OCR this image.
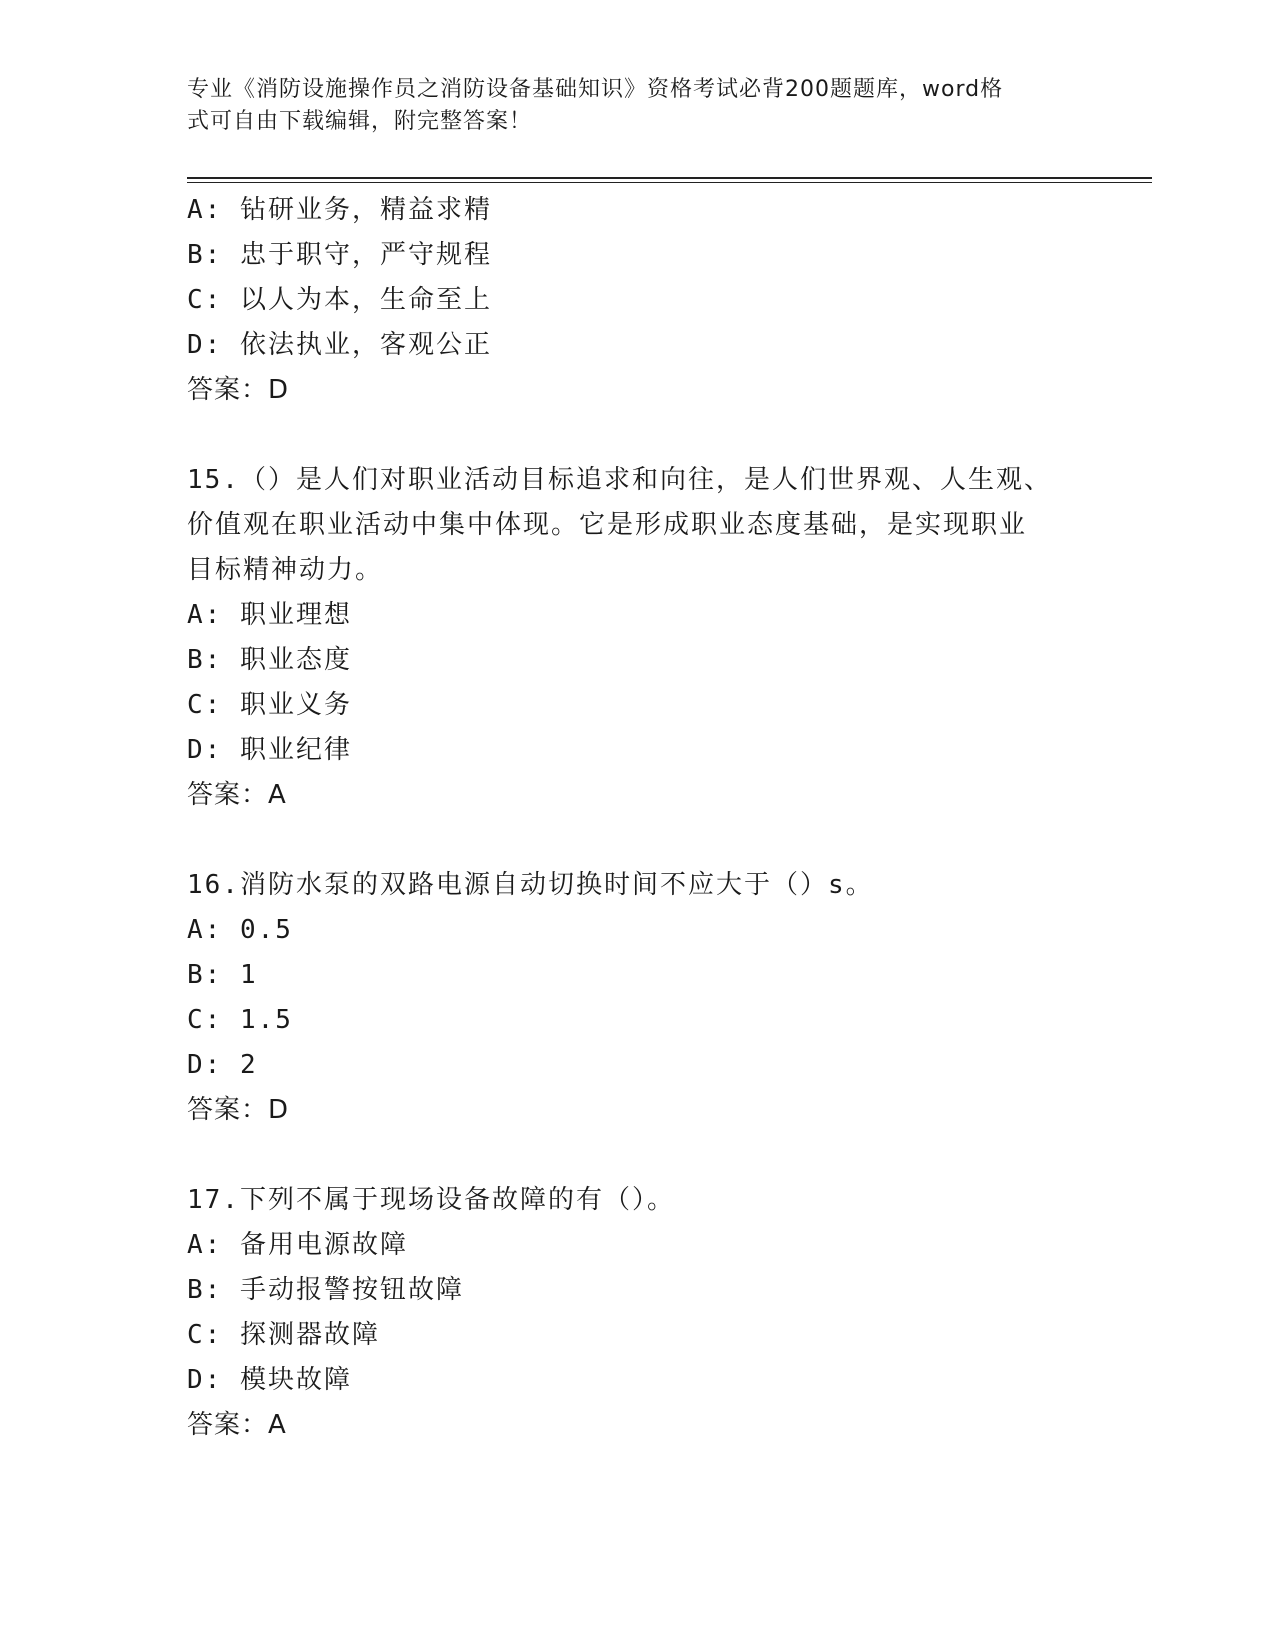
专业《消防设施操作员之消防设备基础知识》资格考试必背200题题库，word格
式可自由下载编辑，附完整答案！
A: 钻研业务，精益求精
B: 忠于职守，严守规程
C: 以人为本，生命至上
D: 依法执业，客观公正
答案：D
15.（）是人们对职业活动目标追求和向往，是人们世界观、人生观、
价值观在职业活动中集中体现。它是形成职业态度基础，是实现职业
目标精神动力。
A: 职业理想
B: 职业态度
C: 职业义务
D: 职业纪律
答案：A
16.消防水泵的双路电源自动切换时间不应大于（）s。
A: 0.5
B: 1
C: 1.5
D: 2
答案：D
17.下列不属于现场设备故障的有（）。
A: 备用电源故障
B: 手动报警按钮故障
C: 探测器故障
D: 模块故障
答案：A
